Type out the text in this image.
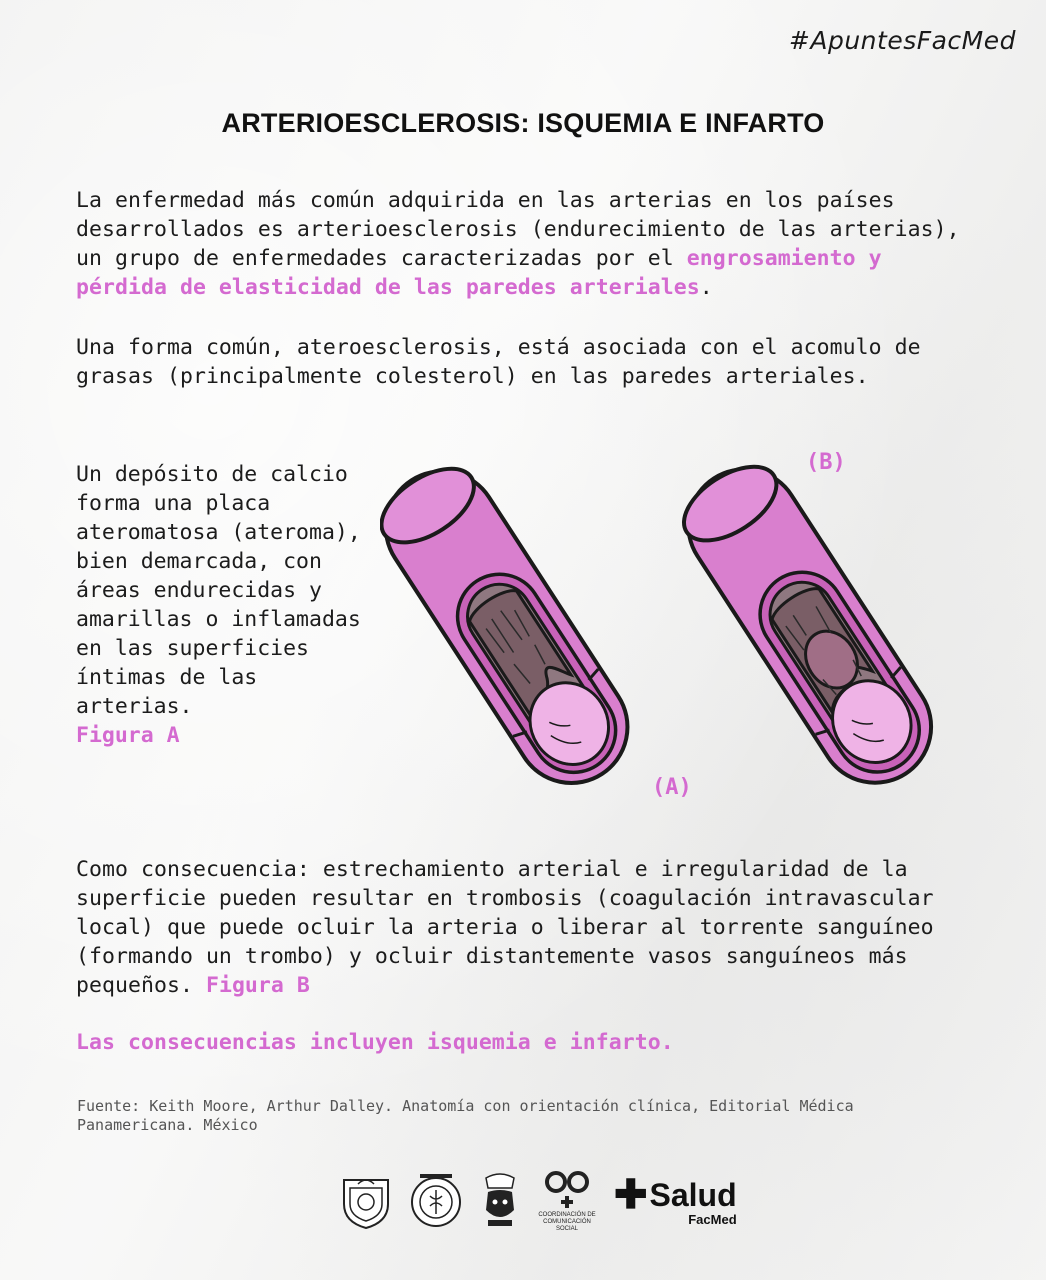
#ApuntesFacMed
ARTERIOESCLEROSIS: ISQUEMIA E INFARTO
La enfermedad más común adquirida en las arterias en los países desarrollados es arterioesclerosis (endurecimiento de las arterias), un grupo de enfermedades caracterizadas por el engrosamiento y pérdida de elasticidad de las paredes arteriales.
Una forma común, ateroesclerosis, está asociada con el acomulo de grasas (principalmente colesterol) en las paredes arteriales.
Un depósito de calcio forma una placa ateromatosa (ateroma), bien demarcada, con áreas endurecidas y amarillas o inflamadas en las superficies íntimas de las arterias.
Figura A
(A)
(B)
Como consecuencia: estrechamiento arterial e irregularidad de la superficie pueden resultar en trombosis (coagulación intravascular local) que puede ocluir la arteria o liberar al torrente sanguíneo (formando un trombo) y ocluir distantemente vasos sanguíneos más pequeños. Figura B
Las consecuencias incluyen isquemia e infarto.
Fuente: Keith Moore, Arthur Dalley. Anatomía con orientación clínica, Editorial Médica Panamericana. México
COORDINACIÓN DE COMUNICACIÓN SOCIAL
✚ Salud
FacMed
